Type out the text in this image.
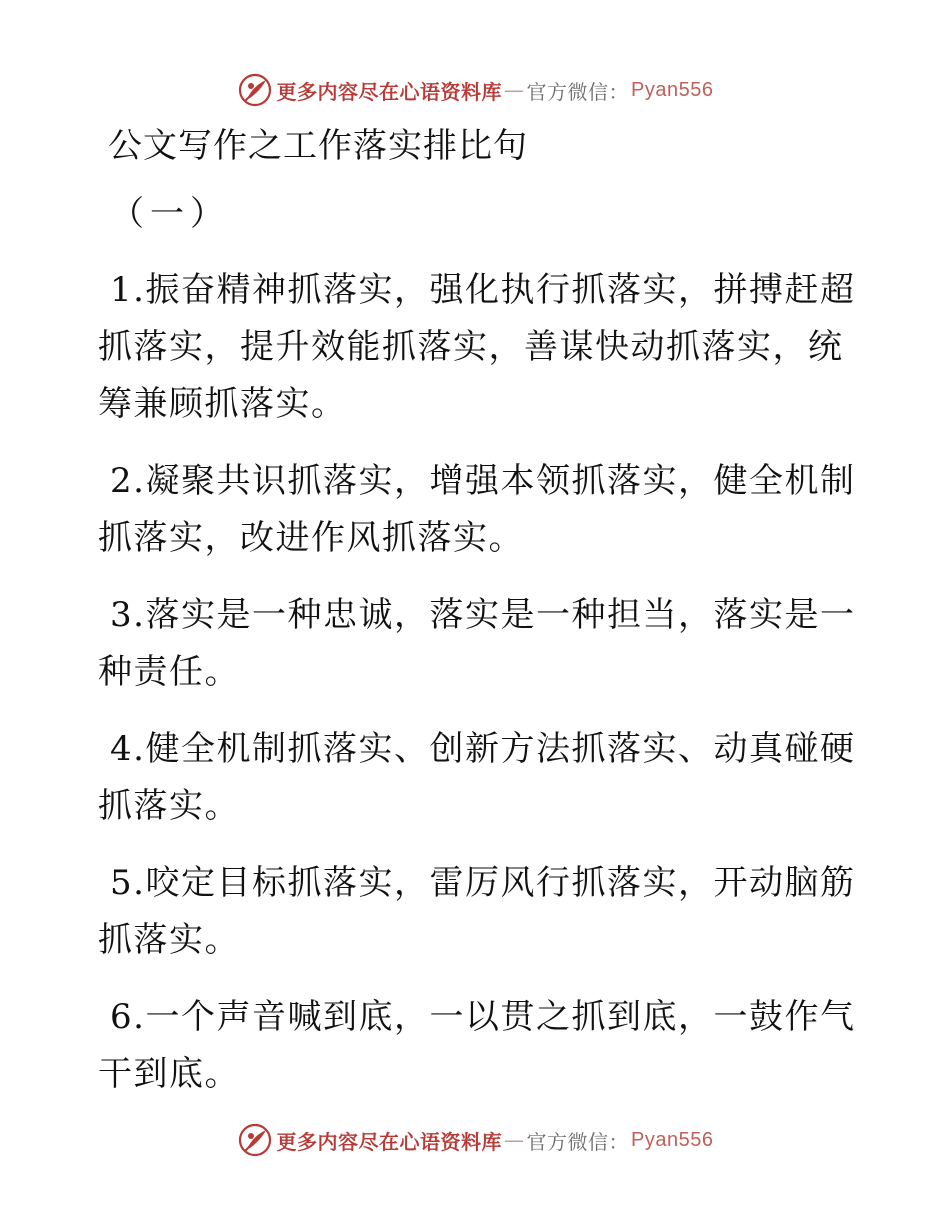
更多内容尽在心语资料库 — 官方微信： Pyan556
公文写作之工作落实排比句
（一）

1.振奋精神抓落实，强化执行抓落实，拼搏赶超抓落实，提升效能抓落实，善谋快动抓落实，统筹兼顾抓落实。

2.凝聚共识抓落实，增强本领抓落实，健全机制抓落实，改进作风抓落实。

3.落实是一种忠诚，落实是一种担当，落实是一种责任。

4.健全机制抓落实、创新方法抓落实、动真碰硬抓落实。

5.咬定目标抓落实，雷厉风行抓落实，开动脑筋抓落实。

6.一个声音喊到底，一以贯之抓到底，一鼓作气干到底。

更多内容尽在心语资料库 — 官方微信： Pyan556
